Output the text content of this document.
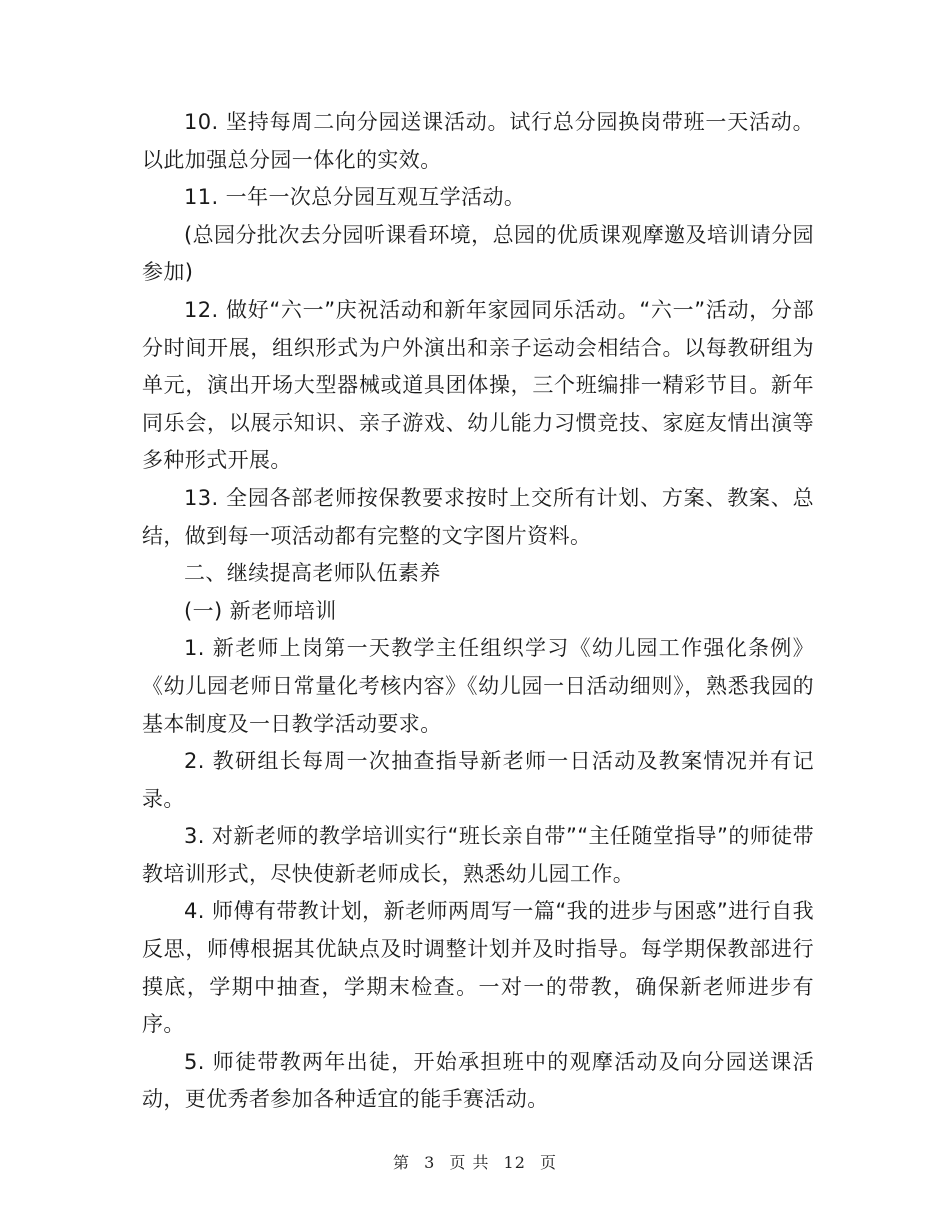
10. 坚持每周二向分园送课活动。试行总分园换岗带班一天活动。以此加强总分园一体化的实效。

11. 一年一次总分园互观互学活动。

(总园分批次去分园听课看环境，总园的优质课观摩邀及培训请分园参加)

12. 做好“六一”庆祝活动和新年家园同乐活动。“六一”活动，分部分时间开展，组织形式为户外演出和亲子运动会相结合。以每教研组为单元，演出开场大型器械或道具团体操，三个班编排一精彩节目。新年同乐会，以展示知识、亲子游戏、幼儿能力习惯竞技、家庭友情出演等多种形式开展。

13. 全园各部老师按保教要求按时上交所有计划、方案、教案、总结，做到每一项活动都有完整的文字图片资料。

二、继续提高老师队伍素养

(一) 新老师培训

1. 新老师上岗第一天教学主任组织学习《幼儿园工作强化条例》《幼儿园老师日常量化考核内容》《幼儿园一日活动细则》，熟悉我园的基本制度及一日教学活动要求。

2. 教研组长每周一次抽查指导新老师一日活动及教案情况并有记录。

3. 对新老师的教学培训实行“班长亲自带”“主任随堂指导”的师徒带教培训形式，尽快使新老师成长，熟悉幼儿园工作。

4. 师傅有带教计划，新老师两周写一篇“我的进步与困惑”进行自我反思，师傅根据其优缺点及时调整计划并及时指导。每学期保教部进行摸底，学期中抽查，学期末检查。一对一的带教，确保新老师进步有序。

5. 师徒带教两年出徒，开始承担班中的观摩活动及向分园送课活动，更优秀者参加各种适宜的能手赛活动。

第 3 页 共 12 页
